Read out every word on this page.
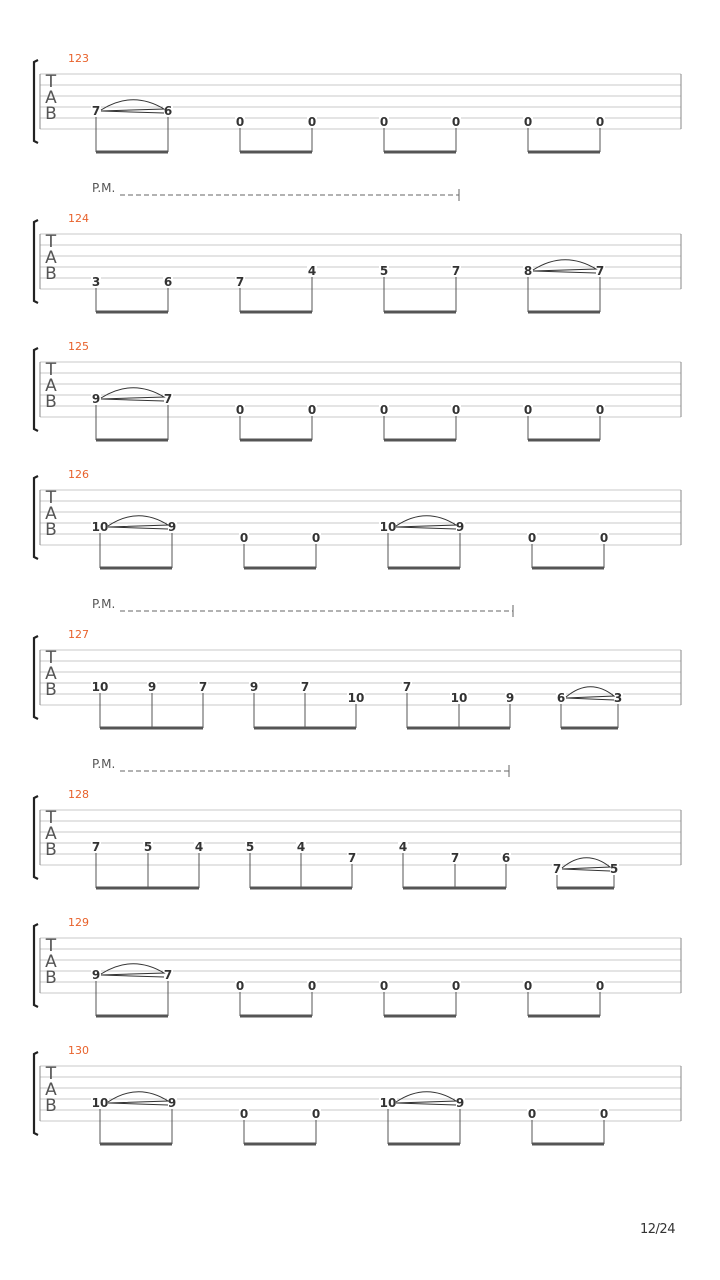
T
A
B
123
7	6
0	0	0	0	0	0
T
A
B
124
P.M.
3	6	7
4	5	7	8	7
T
A
B
125
9	7
0	0	0	0	0	0
T
A
B
126
10	9
0	0
10	9
0	0
T
A
B
127
P.M.
10	9	7	9	7
10
7
10	9	6	3
T
A
B
128
P.M.
7	5	4	5	4
7
4
7	6
7	5
T
A
B
129
9	7
0	0	0	0	0	0
T
A
B
130
10	9
0	0
10	9
0	0
12/24
